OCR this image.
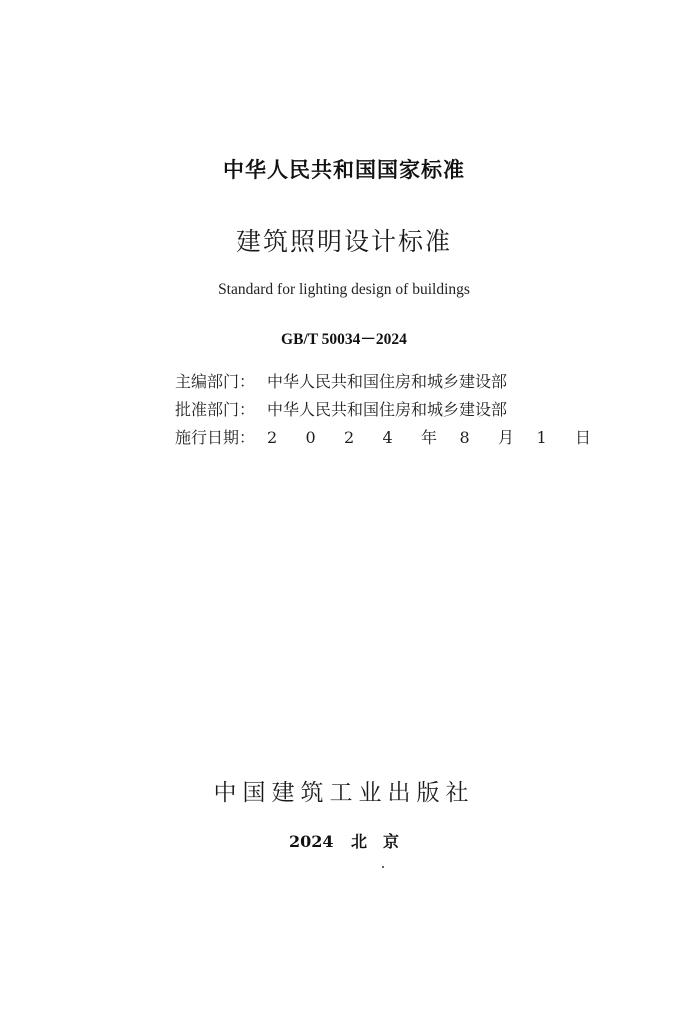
中华人民共和国国家标准
建筑照明设计标准
Standard for lighting design of buildings
GB/T 50034－2024
主编部门： 中华人民共和国住房和城乡建设部
批准部门： 中华人民共和国住房和城乡建设部
施行日期： 2 0 2 4 年 8 月 1 日
中国建筑工业出版社
2024 北　京
